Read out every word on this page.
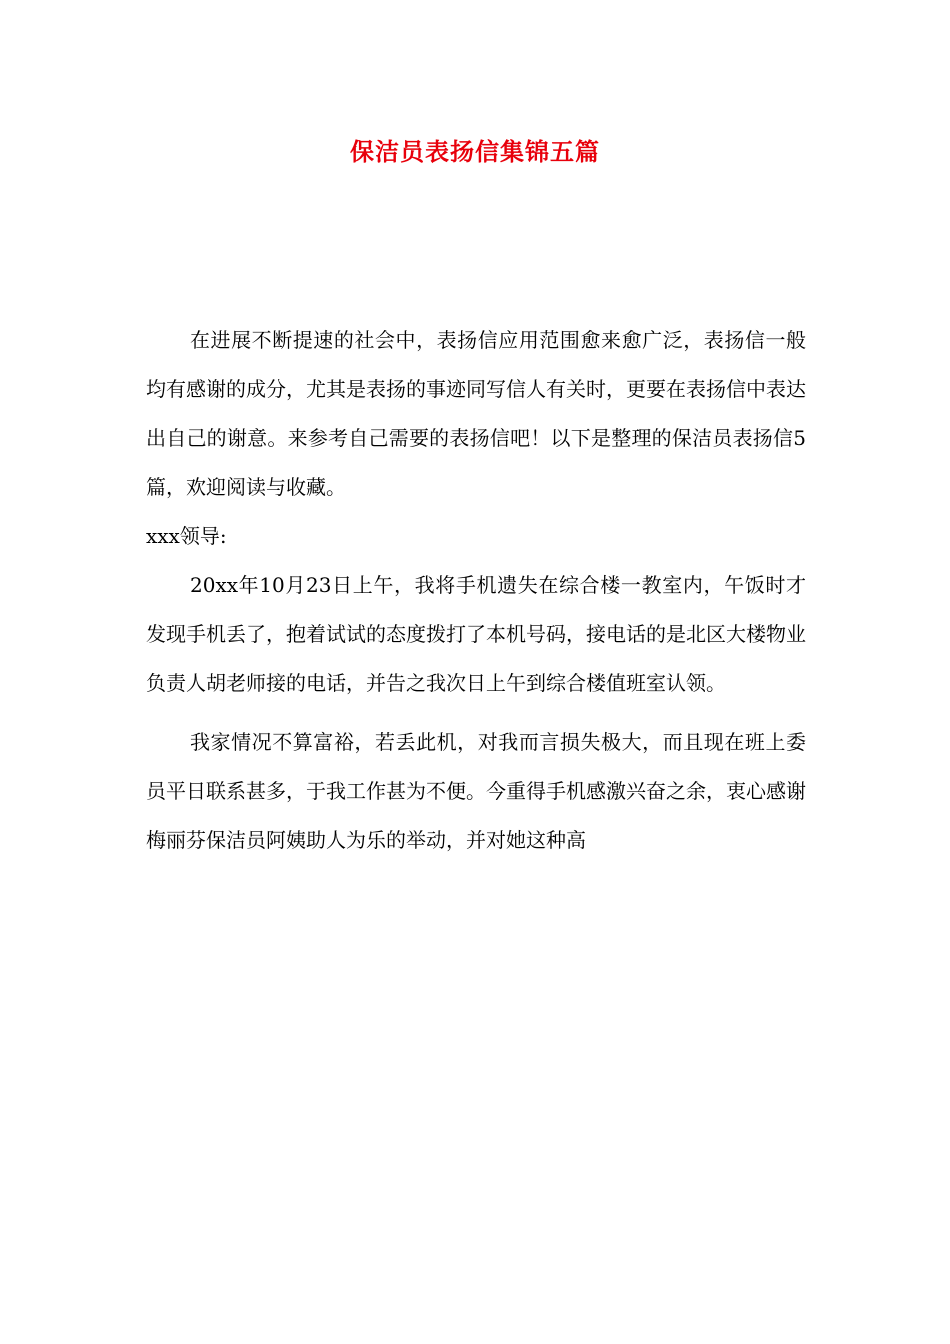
保洁员表扬信集锦五篇

在进展不断提速的社会中，表扬信应用范围愈来愈广泛，表扬信一般均有感谢的成分，尤其是表扬的事迹同写信人有关时，更要在表扬信中表达出自己的谢意。来参考自己需要的表扬信吧！以下是整理的保洁员表扬信5篇，欢迎阅读与收藏。

xxx领导:

20xx年10月23日上午，我将手机遗失在综合楼一教室内，午饭时才发现手机丢了，抱着试试的态度拨打了本机号码，接电话的是北区大楼物业负责人胡老师接的电话，并告之我次日上午到综合楼值班室认领。

我家情况不算富裕，若丢此机，对我而言损失极大，而且现在班上委员平日联系甚多，于我工作甚为不便。今重得手机感激兴奋之余，衷心感谢梅丽芬保洁员阿姨助人为乐的举动，并对她这种高
